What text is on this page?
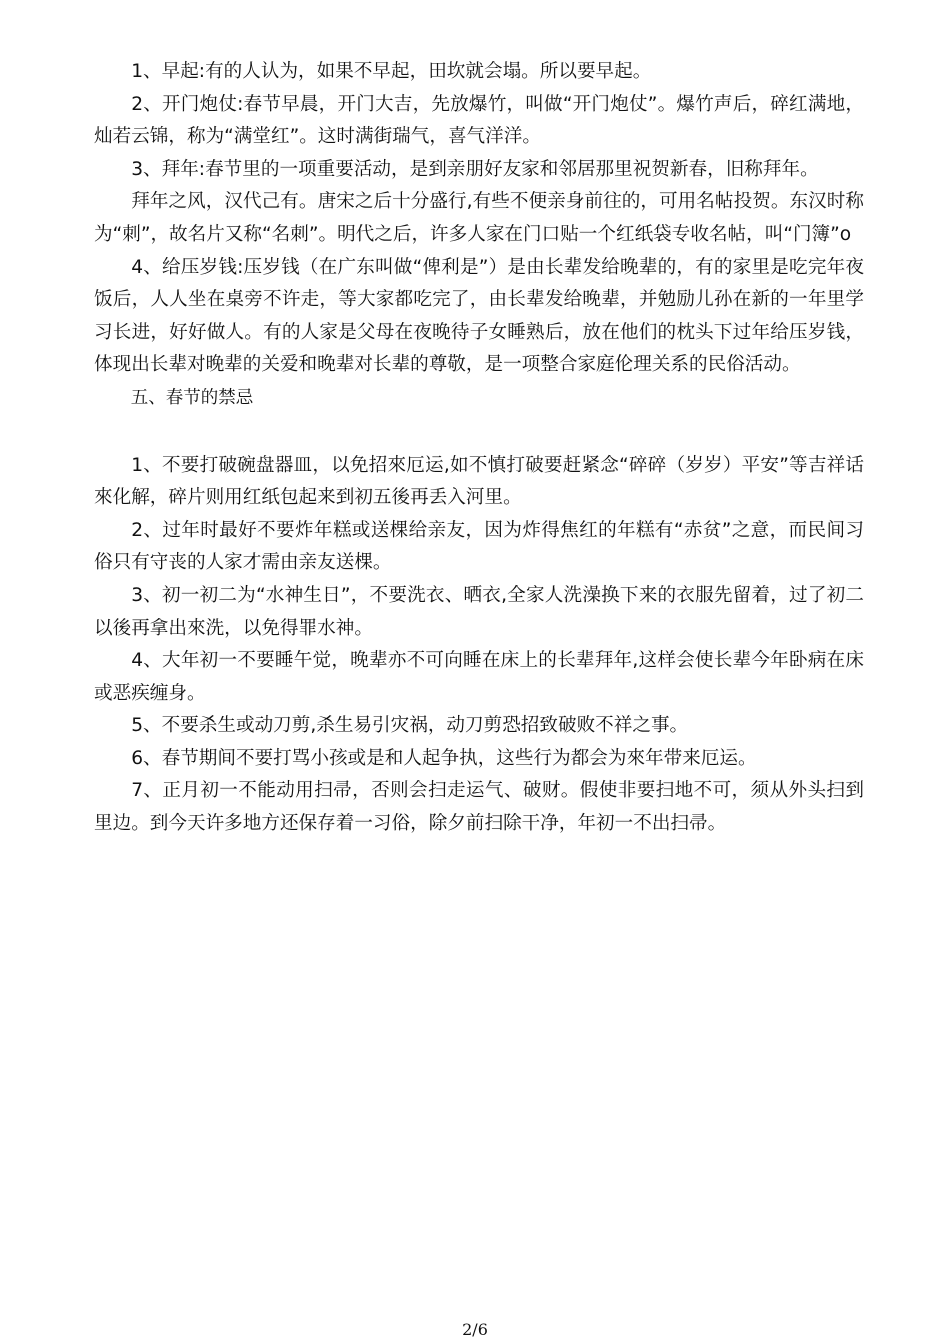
1、早起:有的人认为，如果不早起，田坎就会塌。所以要早起。

2、开门炮仗:春节早晨，开门大吉，先放爆竹，叫做“开门炮仗”。爆竹声后，碎红满地，灿若云锦，称为“满堂红”。这时满街瑞气，喜气洋洋。

3、拜年:春节里的一项重要活动，是到亲朋好友家和邻居那里祝贺新春，旧称拜年。

拜年之风，汉代己有。唐宋之后十分盛行,有些不便亲身前往的，可用名帖投贺。东汉时称为“刺”，故名片又称“名刺”。明代之后，许多人家在门口贴一个红纸袋专收名帖，叫“门簿”o

4、给压岁钱:压岁钱（在广东叫做“俾利是”）是由长辈发给晚辈的，有的家里是吃完年夜饭后，人人坐在桌旁不许走，等大家都吃完了，由长辈发给晚辈，并勉励儿孙在新的一年里学习长进，好好做人。有的人家是父母在夜晚待子女睡熟后，放在他们的枕头下过年给压岁钱，体现出长辈对晚辈的关爱和晚辈对长辈的尊敬，是一项整合家庭伦理关系的民俗活动。

五、春节的禁忌

1、不要打破碗盘器皿，以免招來厄运,如不慎打破要赶紧念“碎碎（岁岁）平安”等吉祥话來化解，碎片则用红纸包起来到初五後再丢入河里。

2、过年时最好不要炸年糕或送棵给亲友，因为炸得焦红的年糕有“赤贫”之意，而民间习俗只有守丧的人家才需由亲友送棵。

3、初一初二为“水神生日”，不要洗衣、晒衣,全家人洗澡换下来的衣服先留着，过了初二以後再拿出來洗，以免得罪水神。

4、大年初一不要睡午觉，晚辈亦不可向睡在床上的长辈拜年,这样会使长辈今年卧病在床或恶疾缠身。

5、不要杀生或动刀剪,杀生易引灾祸，动刀剪恐招致破败不祥之事。

6、春节期间不要打骂小孩或是和人起争执，这些行为都会为來年带来厄运。

7、正月初一不能动用扫帚，否则会扫走运气、破财。假使非要扫地不可，须从外头扫到里边。到今天许多地方还保存着一习俗，除夕前扫除干净，年初一不出扫帚。

2/6
